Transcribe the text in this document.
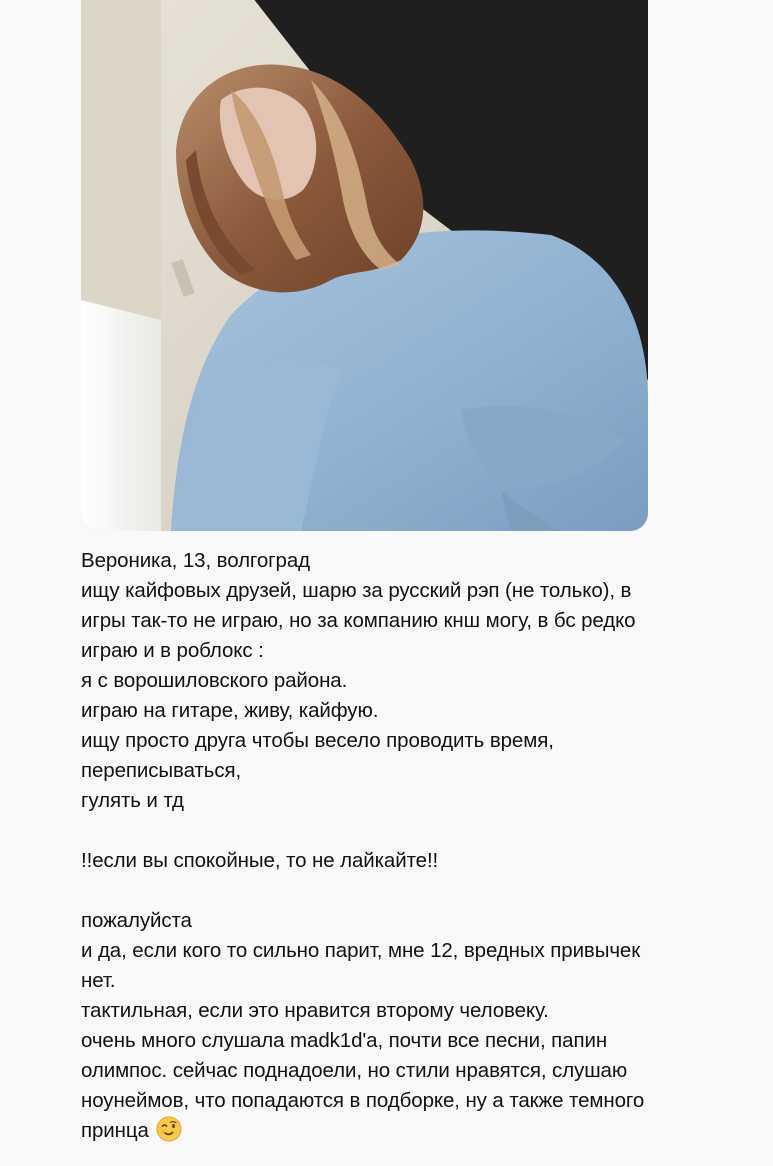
Вероника, 13, волгоград
ищу кайфовых друзей, шарю за русский рэп (не только), в
игры так-то не играю, но за компанию кнш могу, в бс редко
играю и в роблокс :
я с ворошиловского района.
играю на гитаре, живу, кайфую.
ищу просто друга чтобы весело проводить время,
переписываться,
гулять и тд
!!если вы спокойные, то не лайкайте!!
пожалуйста
и да, если кого то сильно парит, мне 12, вредных привычек
нет.
тактильная, если это нравится второму человеку.
очень много слушала madk1d'a, почти все песни, папин
олимпос. сейчас поднадоели, но стили нравятся, слушаю
ноунеймов, что попадаются в подборке, ну а также темного
принца
